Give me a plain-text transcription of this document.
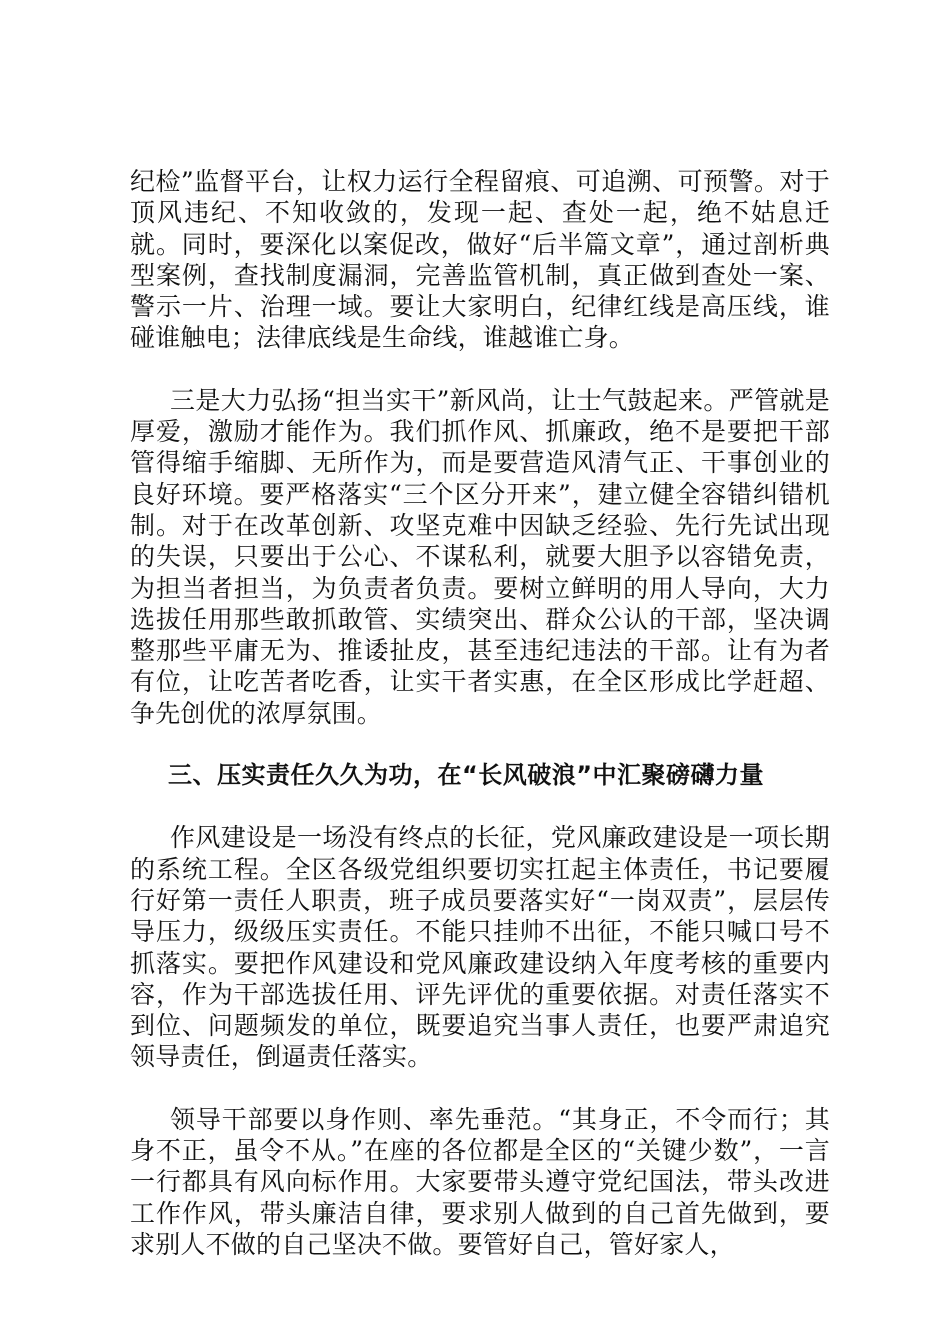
纪检”监督平台，让权力运行全程留痕、可追溯、可预警。对于顶风违纪、不知收敛的，发现一起、查处一起，绝不姑息迁就。同时，要深化以案促改，做好“后半篇文章”，通过剖析典型案例，查找制度漏洞，完善监管机制，真正做到查处一案、警示一片、治理一域。要让大家明白，纪律红线是高压线，谁碰谁触电；法律底线是生命线，谁越谁亡身。

三是大力弘扬“担当实干”新风尚，让士气鼓起来。严管就是厚爱，激励才能作为。我们抓作风、抓廉政，绝不是要把干部管得缩手缩脚、无所作为，而是要营造风清气正、干事创业的良好环境。要严格落实“三个区分开来”，建立健全容错纠错机制。对于在改革创新、攻坚克难中因缺乏经验、先行先试出现的失误，只要出于公心、不谋私利，就要大胆予以容错免责，为担当者担当，为负责者负责。要树立鲜明的用人导向，大力选拔任用那些敢抓敢管、实绩突出、群众公认的干部，坚决调整那些平庸无为、推诿扯皮，甚至违纪违法的干部。让有为者有位，让吃苦者吃香，让实干者实惠，在全区形成比学赶超、争先创优的浓厚氛围。

三、压实责任久久为功，在“长风破浪”中汇聚磅礴力量

作风建设是一场没有终点的长征，党风廉政建设是一项长期的系统工程。全区各级党组织要切实扛起主体责任，书记要履行好第一责任人职责，班子成员要落实好“一岗双责”，层层传导压力，级级压实责任。不能只挂帅不出征，不能只喊口号不抓落实。要把作风建设和党风廉政建设纳入年度考核的重要内容，作为干部选拔任用、评先评优的重要依据。对责任落实不到位、问题频发的单位，既要追究当事人责任，也要严肃追究领导责任，倒逼责任落实。

领导干部要以身作则、率先垂范。“其身正，不令而行；其身不正，虽令不从。”在座的各位都是全区的“关键少数”，一言一行都具有风向标作用。大家要带头遵守党纪国法，带头改进工作作风，带头廉洁自律，要求别人做到的自己首先做到，要求别人不做的自己坚决不做。要管好自己，管好家人，
